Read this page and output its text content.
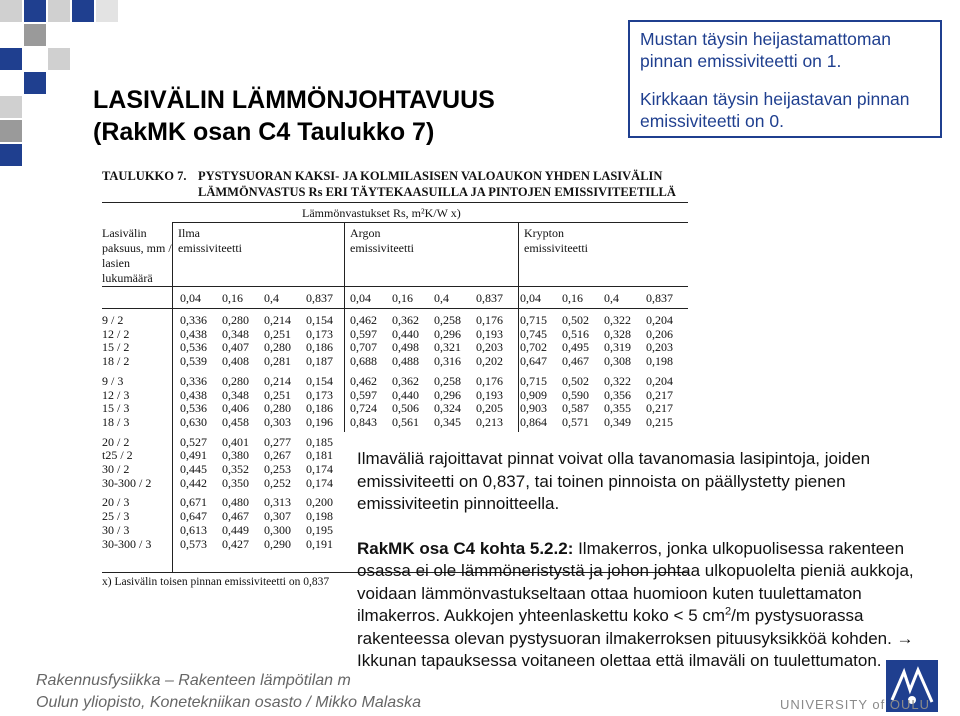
LASIVÄLIN LÄMMÖNJOHTAVUUS
(RakMK osan C4 Taulukko 7)

Mustan täysin heijastamattoman pinnan emissiviteetti on 1.

Kirkkaan täysin heijastavan pinnan emissiviteetti on 0.

TAULUKKO 7. PYSTYSUORAN KAKSI- JA KOLMILASISEN VALOAUKON YHDEN LASIVÄLIN
LÄMMÖNVASTUS Rs ERI TÄYTEKAASUILLA JA PINTOJEN EMISSIVITEETILLÄ
Lämmönvastukset Rs, m²K/W x)
Lasivälin paksuus, mm / lasien lukumäärä
Ilma
emissiviteetti
Argon
emissiviteetti
Krypton
emissiviteetti
	0,04	0,16	0,4	0,837	0,04	0,16	0,4	0,837	0,04	0,16	0,4	0,837

9 / 2	0,336	0,280	0,214	0,154	0,462	0,362	0,258	0,176	0,715	0,502	0,322	0,204
12 / 2	0,438	0,348	0,251	0,173	0,597	0,440	0,296	0,193	0,745	0,516	0,328	0,206
15 / 2	0,536	0,407	0,280	0,186	0,707	0,498	0,321	0,203	0,702	0,495	0,319	0,203
18 / 2	0,539	0,408	0,281	0,187	0,688	0,488	0,316	0,202	0,647	0,467	0,308	0,198

9 / 3	0,336	0,280	0,214	0,154	0,462	0,362	0,258	0,176	0,715	0,502	0,322	0,204
12 / 3	0,438	0,348	0,251	0,173	0,597	0,440	0,296	0,193	0,909	0,590	0,356	0,217
15 / 3	0,536	0,406	0,280	0,186	0,724	0,506	0,324	0,205	0,903	0,587	0,355	0,217
18 / 3	0,630	0,458	0,303	0,196	0,843	0,561	0,345	0,213	0,864	0,571	0,349	0,215

20 / 2	0,527	0,401	0,277	0,185								
t25 / 2	0,491	0,380	0,267	0,181								
30 / 2	0,445	0,352	0,253	0,174								
30-300 / 2	0,442	0,350	0,252	0,174								

20 / 3	0,671	0,480	0,313	0,200								
25 / 3	0,647	0,467	0,307	0,198								
30 / 3	0,613	0,449	0,300	0,195								
30-300 / 3	0,573	0,427	0,290	0,191								
x) Lasivälin toisen pinnan emissiviteetti on 0,837

Ilmaväliä rajoittavat pinnat voivat olla tavanomasia lasipintoja, joiden emissiviteetti on 0,837, tai toinen pinnoista on päällystetty pienen emissiviteetin pinnoitteella.

RakMK osa C4 kohta 5.2.2: Ilmakerros, jonka ulkopuolisessa rakenteen osassa ei ole lämmöneristystä ja johon johtaa ulkopuolelta pieniä aukkoja, voidaan lämmönvastukseltaan ottaa huomioon kuten tuulettamaton ilmakerros. Aukkojen yhteenlaskettu koko < 5 $cm^2/m$ pystysuorassa rakenteessa olevan pystysuoran ilmakerroksen pituusyksikköä kohden. → Ikkunan tapauksessa voitaneen olettaa että ilmaväli on tuulettumaton.

Rakennusfysiikka – Rakenteen lämpötilan m
Oulun yliopisto, Konetekniikan osasto / Mikko Malaska	UNIVERSITY of OULU
